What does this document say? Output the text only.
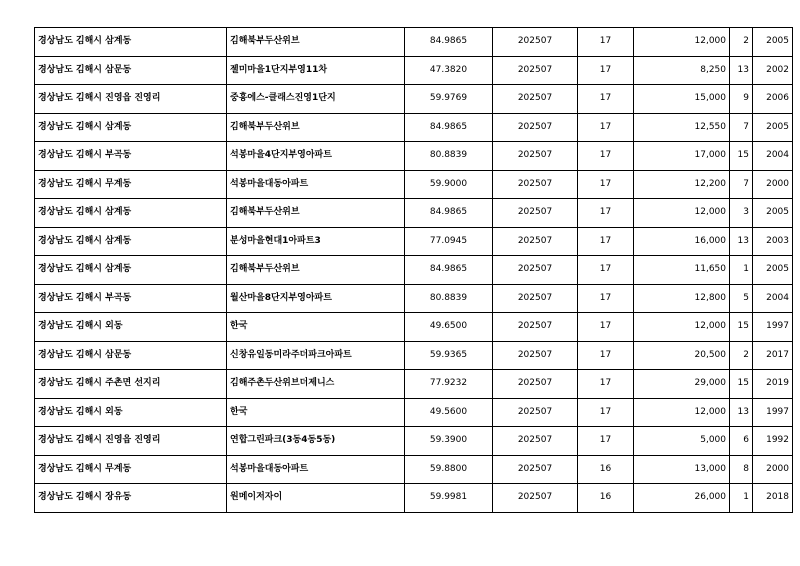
경상남도 김해시 삼계동	김해북부두산위브	84.9865	202507	17	12,000	2	2005
경상남도 김해시 삼문동	젤미마을1단지부영11차	47.3820	202507	17	8,250	13	2002
경상남도 김해시 진영읍 진영리	중흥에스-클래스진영1단지	59.9769	202507	17	15,000	9	2006
경상남도 김해시 삼계동	김해북부두산위브	84.9865	202507	17	12,550	7	2005
경상남도 김해시 부곡동	석봉마을4단지부영아파트	80.8839	202507	17	17,000	15	2004
경상남도 김해시 무계동	석봉마을대동아파트	59.9000	202507	17	12,200	7	2000
경상남도 김해시 삼계동	김해북부두산위브	84.9865	202507	17	12,000	3	2005
경상남도 김해시 삼계동	분성마을현대1아파트3	77.0945	202507	17	16,000	13	2003
경상남도 김해시 삼계동	김해북부두산위브	84.9865	202507	17	11,650	1	2005
경상남도 김해시 부곡동	월산마을8단지부영아파트	80.8839	202507	17	12,800	5	2004
경상남도 김해시 외동	한국	49.6500	202507	17	12,000	15	1997
경상남도 김해시 삼문동	신창유일동미라주더파크아파트	59.9365	202507	17	20,500	2	2017
경상남도 김해시 주촌면 선지리	김해주촌두산위브더제니스	77.9232	202507	17	29,000	15	2019
경상남도 김해시 외동	한국	49.5600	202507	17	12,000	13	1997
경상남도 김해시 진영읍 진영리	연합그린파크(3동4동5동)	59.3900	202507	17	5,000	6	1992
경상남도 김해시 무계동	석봉마을대동아파트	59.8800	202507	16	13,000	8	2000
경상남도 김해시 장유동	원메이저자이	59.9981	202507	16	26,000	1	2018
